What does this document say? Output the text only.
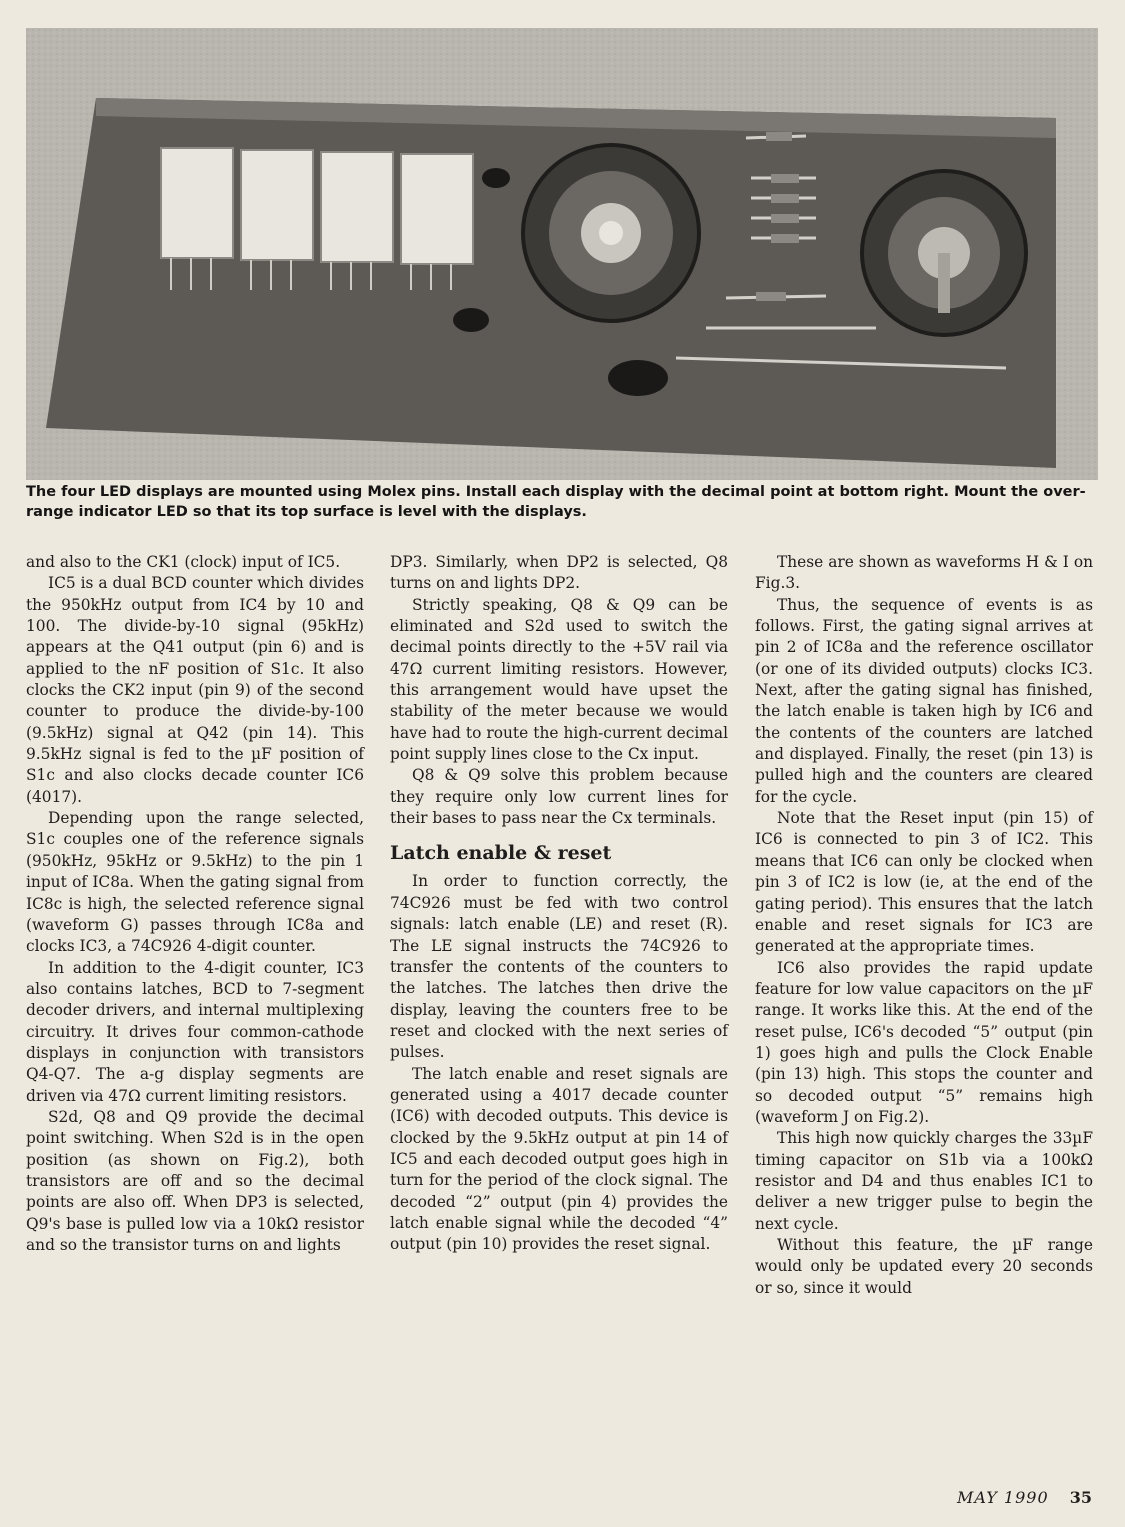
The four LED displays are mounted using Molex pins. Install each display with the decimal point at bottom right. Mount the over-range indicator LED so that its top surface is level with the displays.

and also to the CK1 (clock) input of IC5.

IC5 is a dual BCD counter which divides the 950kHz output from IC4 by 10 and 100. The divide-by-10 signal (95kHz) appears at the Q41 output (pin 6) and is applied to the nF position of S1c. It also clocks the CK2 input (pin 9) of the second counter to produce the divide-by-100 (9.5kHz) signal at Q42 (pin 14). This 9.5kHz signal is fed to the µF position of S1c and also clocks decade counter IC6 (4017).

Depending upon the range selected, S1c couples one of the reference signals (950kHz, 95kHz or 9.5kHz) to the pin 1 input of IC8a. When the gating signal from IC8c is high, the selected reference signal (waveform G) passes through IC8a and clocks IC3, a 74C926 4-digit counter.

In addition to the 4-digit counter, IC3 also contains latches, BCD to 7-segment decoder drivers, and internal multiplexing circuitry. It drives four common-cathode displays in conjunction with transistors Q4-Q7. The a-g display segments are driven via 47Ω current limiting resistors.

S2d, Q8 and Q9 provide the decimal point switching. When S2d is in the open position (as shown on Fig.2), both transistors are off and so the decimal points are also off. When DP3 is selected, Q9's base is pulled low via a 10kΩ resistor and so the transistor turns on and lights

DP3. Similarly, when DP2 is selected, Q8 turns on and lights DP2.

Strictly speaking, Q8 & Q9 can be eliminated and S2d used to switch the decimal points directly to the +5V rail via 47Ω current limiting resistors. However, this arrangement would have upset the stability of the meter because we would have had to route the high-current decimal point supply lines close to the Cx input.

Q8 & Q9 solve this problem because they require only low current lines for their bases to pass near the Cx terminals.

Latch enable & reset

In order to function correctly, the 74C926 must be fed with two control signals: latch enable (LE) and reset (R). The LE signal instructs the 74C926 to transfer the contents of the counters to the latches. The latches then drive the display, leaving the counters free to be reset and clocked with the next series of pulses.

The latch enable and reset signals are generated using a 4017 decade counter (IC6) with decoded outputs. This device is clocked by the 9.5kHz output at pin 14 of IC5 and each decoded output goes high in turn for the period of the clock signal. The decoded “2” output (pin 4) provides the latch enable signal while the decoded “4” output (pin 10) provides the reset signal.

These are shown as waveforms H & I on Fig.3.

Thus, the sequence of events is as follows. First, the gating signal arrives at pin 2 of IC8a and the reference oscillator (or one of its divided outputs) clocks IC3. Next, after the gating signal has finished, the latch enable is taken high by IC6 and the contents of the counters are latched and displayed. Finally, the reset (pin 13) is pulled high and the counters are cleared for the cycle.

Note that the Reset input (pin 15) of IC6 is connected to pin 3 of IC2. This means that IC6 can only be clocked when pin 3 of IC2 is low (ie, at the end of the gating period). This ensures that the latch enable and reset signals for IC3 are generated at the appropriate times.

IC6 also provides the rapid update feature for low value capacitors on the µF range. It works like this. At the end of the reset pulse, IC6's decoded “5” output (pin 1) goes high and pulls the Clock Enable (pin 13) high. This stops the counter and so decoded output “5” remains high (waveform J on Fig.2).

This high now quickly charges the 33µF timing capacitor on S1b via a 100kΩ resistor and D4 and thus enables IC1 to deliver a new trigger pulse to begin the next cycle.

Without this feature, the µF range would only be updated every 20 seconds or so, since it would

MAY 1990 35
